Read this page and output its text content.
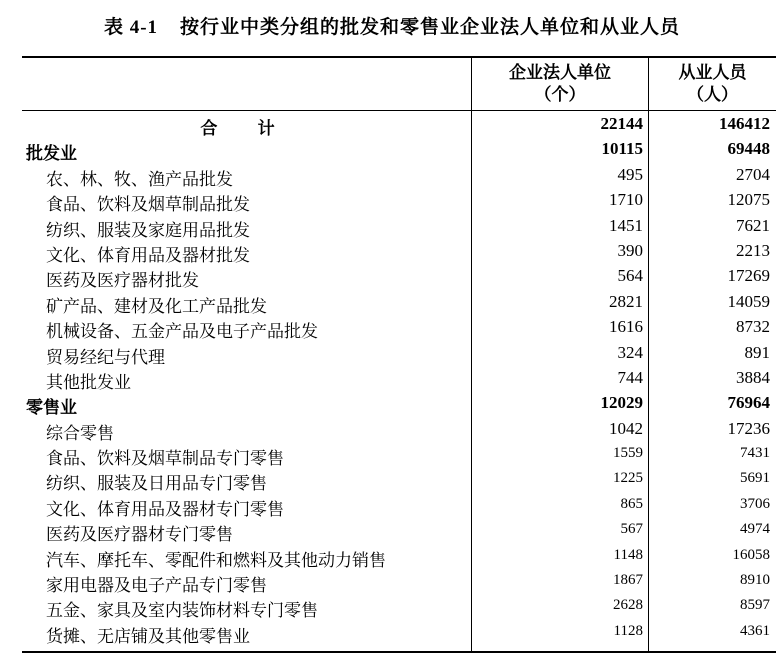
表 4-1 按行业中类分组的批发和零售业企业法人单位和从业人员
企业法人单位
（个）
从业人员
（人）
合 计	22144	146412
批发业	10115	69448
农、林、牧、渔产品批发	495	2704
食品、饮料及烟草制品批发	1710	12075
纺织、服装及家庭用品批发	1451	7621
文化、体育用品及器材批发	390	2213
医药及医疗器材批发	564	17269
矿产品、建材及化工产品批发	2821	14059
机械设备、五金产品及电子产品批发	1616	8732
贸易经纪与代理	324	891
其他批发业	744	3884
零售业	12029	76964
综合零售	1042	17236
食品、饮料及烟草制品专门零售	1559	7431
纺织、服装及日用品专门零售	1225	5691
文化、体育用品及器材专门零售	865	3706
医药及医疗器材专门零售	567	4974
汽车、摩托车、零配件和燃料及其他动力销售	1148	16058
家用电器及电子产品专门零售	1867	8910
五金、家具及室内装饰材料专门零售	2628	8597
货摊、无店铺及其他零售业	1128	4361
